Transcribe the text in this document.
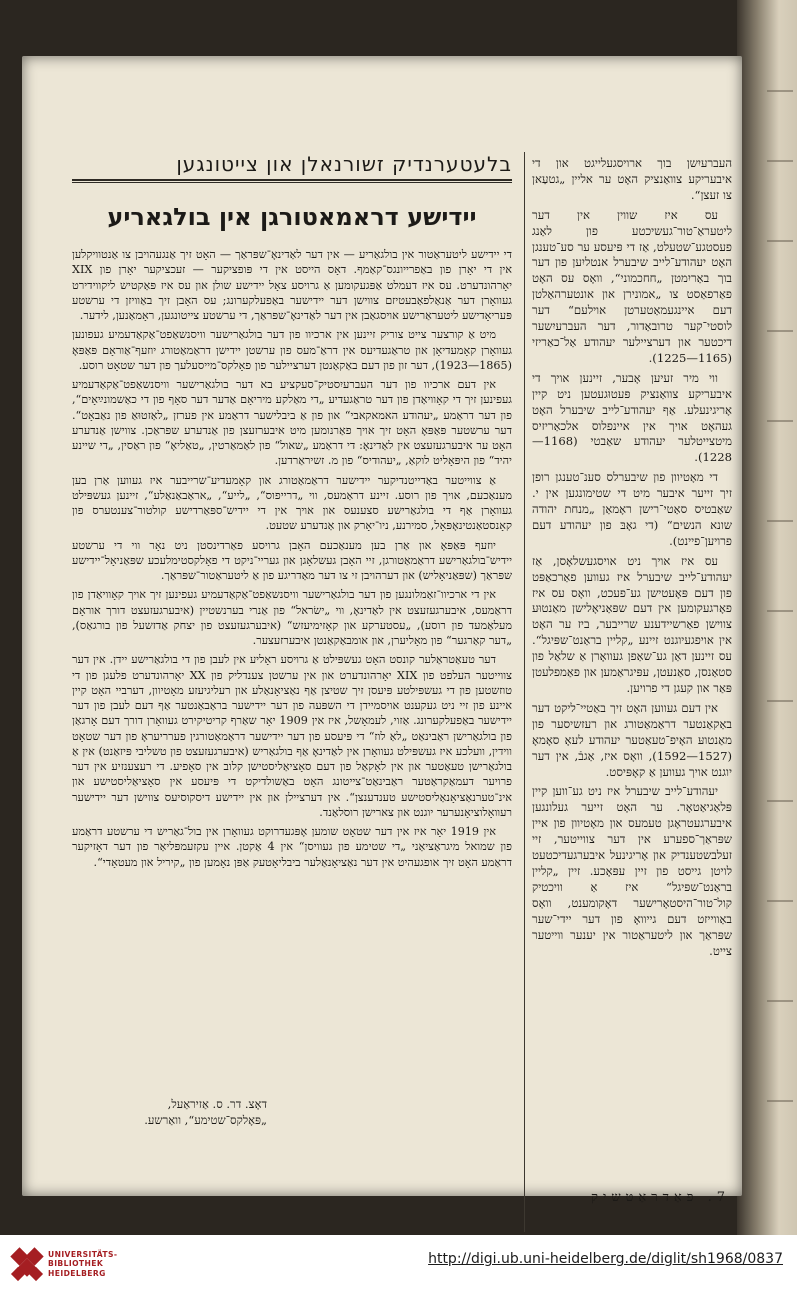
העברעיִשן בוך ארויסגעלייגט און די איבעריקע צוואַנציק האָט ער אליין „גטעַאן צו זעצן“.

עס איז שווין אין דער ליטעראַ־טור־געשיכטע פון לאַנג פעסטגע־שטעלט, אַז די פּיעסע ער סע־טענגן האָט יעהודע־לייב שיבערל אנטליִען פון דער בוך באַריִמטן „חחכמוני“, וואָס עס האָט פאַרפאַסט צו „אמונירן און אונטערהאַלטן דעם איינגעמאַטערטן אוילעם“ דער לוסטי־קער טרובאַדור, דער העברעיִשער דיכטער און דערציילער יעהודע אַל־כאַריזי (1165—1225).

ווי מיר זעיען אָבער, זיינען אויך די איבעריקע צוואַנציק פּעטוּגעטען ניט קיין אָריגינעלע. אַף יעהודע־לייב שיבערל האָט געהאָט אויך אין איינפלוס אלכאַריזיס מיטצייטלער יעהודע שאַבטי (1168—1228).

די מאָטיוון פון שיבערלס סענ־טענגן רופן זיך זייער איבער מיט די שטימונגען אין י. שאַבטיס סאַטי־רישן ראָמאַן „מנחת יהודה שונא הנשים“ (די גאָבּ פון יעהודע דעם פרויען־פיינט).

עס איז אויך ניט אויסגעשלאָסן, אַז יעהודע־לייב שיבערל איז געווען פאַרכאַפּט פון דעם פּאָעטישן גע־פעכט, וואָס עס איז פאָרגעקומען אין דעם שפּאַניאָלישן מאַנטוּע צווישן פאַרשיידענע שרייבער, ביז ער האָט אין אויפגעיוגנט זיינע „קליין בראַנט־שפּיגל“. עס זיינען דאַן גע־שאַפן געוואָרן אַ שלאַל פון סטאַנסן, סאַנעטן, עפּיגראַמען און פאַמפלעטן פּאַר און קעגן די פרויען.

אין דעם געווען האָט זיך באַטיי־ליקט דער באַקאַנטער דראַמאַטורג און רעזשיסער פון מאַנטועּ האָיפ־טעאַטער יעהודע לעאָ סאָמאָ (1527—1592), וואָס איז, אַגבֿ, אין דער יוגנט אויך געווען אַ קאָפּיסט.

יעהודע־לייב שיבערל איז ניט גע־ווען קיין פּלאַגיאַטאָר. ער האָט זייער געלונגען איבערגעטראָגן טעמעס און מאָטיוון פון איין שפּראַך־ספערע אין דער צווייטער, זיי זעלבשטענדיק און אָריגינעל איבערגעדיכטעט לויטן גייסט פון זיין עפּאָכע. זיין „קליין בראַנט־שפּיגל“ איז אַ וויכטיק קול־טור־היסטאָרישער דאָקומענט, וואָס באַווייזט דעם גייוואָ פון דער יידי־שער שפּראַך און ליטעראַטור אין יענער ווייטער צייט.

בלעטערנדיק זשורנאלן און צייטונגען
יידישע דראמאטורגן אין בולגאריע

די יידישע ליטעראַטור אין בולגאַריע — אין דער לאַדינאָ־שפּראַך — האָט זיך אַנגעהויבן צו אַנטוויקלען אין די יאָרן פון באַפרייונגס־קאַמף. דאָס הייסט אין די פּופציקער — זעכציקער יאָרן פון XIX יאָרהונדערט. עס איז דעמלט אַפּגעקומען אַ גרויסע צאָל יידישע שולן און עס איז פּאַקטיש ליקווידירט געוואָרן דער אַנאַלפאַבעטיזם צווישן דער יידישער באַפעלקערונג; עס האָבן זיך באַוויזן די ערשטע פּעריאָדישע ליטעראַרישע אויסגאַבן אין דער לאַדינאָ־שפּראַך, די ערשטע צייטונגען, ראָמאַנען, לידער.

מיט אַ קורצער צייט צוריק זיינען אין ארכיוו פון דער בולגאַרישער וויסנשאַפט־אַקאַדעמיע געפונען געוואָרן קאָמעדיאָן און טראַגעדיעס אין דראַ־מעס פון ערשטן יידישן דראַמאַטורג יוזעף־אַוראָם פּאַפּאָ (1865—1923), דער זון פון דעם באַקאַנטן דערציילער פון פאָלקס־מייסעלעך פון דער שטאָט רוסע.

אין דעם ארכיוו פון דער העברעיִסטיק־סעקציע בא דער בולגאַרישער וויסנשאַפט־אַקאַדעמיע געפינען זיך די קאָוויאַדן פון דער טראַגעדיע „די מאַלקע מיריאָם אַדער דער סאָף פון די כאַשמונײַאָים“, פון דער דראַמע „יעהודע האמאקאבי“ און פון אַ ביבלישער דראַמע אין פערזן „לאַזטוּאַ פון נאַבאָט“. דער ערשטער פּאַפּאָ האָט זיך אויך פאַרנומען מיט איבערזעצן פון אַנדערע שפּראַכן. צווישן אַנדערע האָט ער איבערגעזעצט אין לאַדינאָ: די דראַמע „שאול“ פון לאַמאַרטין, „טאַליאָ“ פון ראַסין, „די שיינע יהיד“ פון היפּאָליט לוקאַ, „יעהודיס“ פון מ. זשיראַרדען.

אַ צווייטער באַדייטנדיקער יידישער דראַמאַטורג און קאָמעדיע־שרייבער איז געווען אַרן בען מענאַכעם, אויך פון רוסע. זיינע דראַמעס, ווי „דרייפוס“, „לייע“, „אראַבאַנאַלע“, זיינען געשפּילט געוואָרן אַף די בולגאַרישע סצענעס און אויך אין די יידיש־ספּאַרדישע קולטור־צענטערס פון קאָנסטאַנטינאָפּאָל, סמירנע, ניו־יאָרק און אַנדערע שטעט.

יוזעף פּאַפּאָ און אַרן בען מענאַכעם האָבן גרויסע פאַרדינסטן ניט נאָר ווי די ערשטע יידיש־בולגאַרישע דראַמאַטורגן, זיי האָבן געשלאָגן און געריי־ניקט די פאָלקסטימלעכע שפּאַניאָל־יידישע שפּראַך (שפּאַניאָליש) און דערהויבן זי צו דער מאַדריגע פון אַ ליטעראַטור־שפּראַך.

אין די ארכיוו־זאַמלונגען פון דער בולגאַרישער וויסנשאַפט־אַקאַדעמיע געפינען זיך אויך קאָוויאַדן פון דראַמעס, איבערגעזעצט אין לאַדינאָ, ווי „ישׂראל“ פון אַנרי בערנשטיין (איבערגעזעצט דורך אוראָם מעלאַמעד פון רוסע), „עסטערקע און קאָזימיעזש“ (איבערגעזעצט פון יצחק אַדזשעל פון בורגאַס), „דער קאַרגער“ פון מאָליערן, און אומבאַקאַנטן איבערזעצער.

דער טעאַטראַלער קונסט האָט געשפּילט אַ גרויסע ראָליע אין לעבן פון די בולגאַרישע יידן. אין דער צווייטער העלפט פון XIX יאָרהונדערט און אין ערשטן צענדליק פון XX יאָרהונדערט פלעגן פון די טוזשטען פון די געשפּילטע פּיעסן זיך שטיצן אַף נאַציאָנאַלע און רעליגיעזע מאָטיוון, דערביי האָט קיין איינע פון זיי ניט געקענט אויסמיידן די השפּעה פון דער יידישער בראַבאַנטער אַף דעם לעבן פון דער יידישער באַפעלקערונג. אַזוי, לעמאָשל, איז אין 1909 יאָר שאַרף קריטיקירט געוואָרן דורך דעם אָרגאַן פון בולגאַרישן ראַבינאַט „לאַ לוז“ די פּיעסע פון דער יידישער דראַמאַטורגין פערריעראָ פון דער שטאָט ווידין, וועלכע איז געשפּילט געוואָרן אין לאַדינאָ אַף בולגאַריש (איבערגעזעצט פון טשליבי פּיזאַנט) אין אַ בולגאַרישן טעאַטער און אין לאָקאַל פון דעם סאָציאַליסטישן קלוב אין סאָפיע. די רעצענזיע אין דער פרויער דעמאַקראַטער ראַבינאַט־צייטונג האָט באַשולדיקט די פּיעסע אין סאָציאַליסטישע און אינ־טערנאַציאָנאַליסטישע טענדענצן“. אין דערציילן און אין יידישע דיסקוסיעס צווישן דער יידישער רעוואָלוציאָנערער יוגנט און צארישן רוסלאַנד.

אין 1919 יאָר איז אין דער שטאָט שומען אָפּגעדרוקט געוואָרן אין בול־גאַריש די ערשטע דראַמע פון שמואל מיגראַציאַני „די שטימע פון געוויסן“ אין 4 אַקטן. איין עקזעמפּליאַר פון דער דאָזיקער דראַמע האָט זיך אופגעהיט אין דער נאַציאָנאַלער ביבליאָטעק אַפּן נאָמען פון „קיריל און מעטאָדי“.

דאָצ. דר. ס. אַזיראַעל,
„פּאָלקס־שטימע“, וואַרשע.
7. פאַדראַטשיק
UNIVERSITÄTS-
BIBLIOTHEK
HEIDELBERG
http://digi.ub.uni-heidelberg.de/diglit/sh1968/0837
